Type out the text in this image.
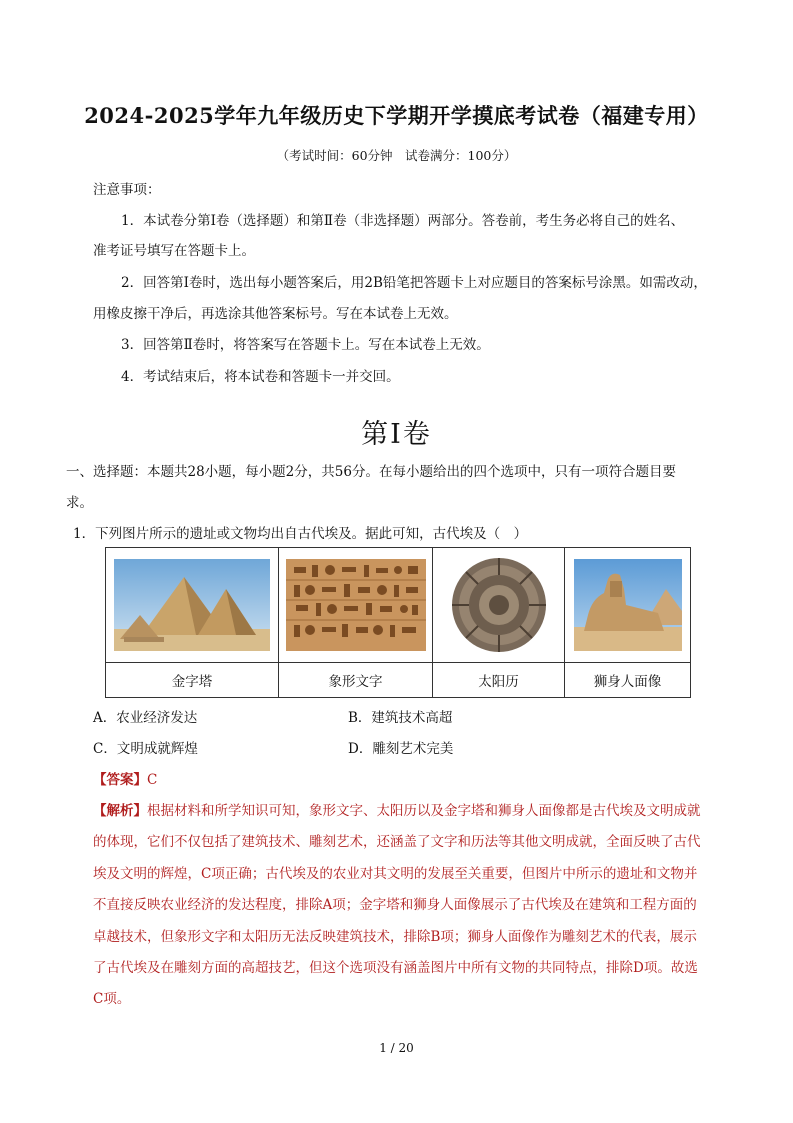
2024-2025学年九年级历史下学期开学摸底考试卷（福建专用）
（考试时间：60分钟　试卷满分：100分）
注意事项：
1．本试卷分第Ⅰ卷（选择题）和第Ⅱ卷（非选择题）两部分。答卷前，考生务必将自己的姓名、
准考证号填写在答题卡上。
2．回答第Ⅰ卷时，选出每小题答案后，用2B铅笔把答题卡上对应题目的答案标号涂黑。如需改动，
用橡皮擦干净后，再选涂其他答案标号。写在本试卷上无效。
3．回答第Ⅱ卷时，将答案写在答题卡上。写在本试卷上无效。
4．考试结束后，将本试卷和答题卡一并交回。
第Ⅰ卷
一、选择题：本题共28小题，每小题2分，共56分。在每小题给出的四个选项中，只有一项符合题目要
求。
1．下列图片所示的遗址或文物均出自古代埃及。据此可知，古代埃及（　）

金字塔	象形文字	太阳历	狮身人面像
A．农业经济发达	B．建筑技术高超
C．文明成就辉煌	D．雕刻艺术完美
【答案】C
【解析】根据材料和所学知识可知，象形文字、太阳历以及金字塔和狮身人面像都是古代埃及文明成就
的体现，它们不仅包括了建筑技术、雕刻艺术，还涵盖了文字和历法等其他文明成就，全面反映了古代
埃及文明的辉煌，C项正确；古代埃及的农业对其文明的发展至关重要，但图片中所示的遗址和文物并
不直接反映农业经济的发达程度，排除A项；金字塔和狮身人面像展示了古代埃及在建筑和工程方面的
卓越技术，但象形文字和太阳历无法反映建筑技术，排除B项；狮身人面像作为雕刻艺术的代表，展示
了古代埃及在雕刻方面的高超技艺，但这个选项没有涵盖图片中所有文物的共同特点，排除D项。故选
C项。
1 / 20
